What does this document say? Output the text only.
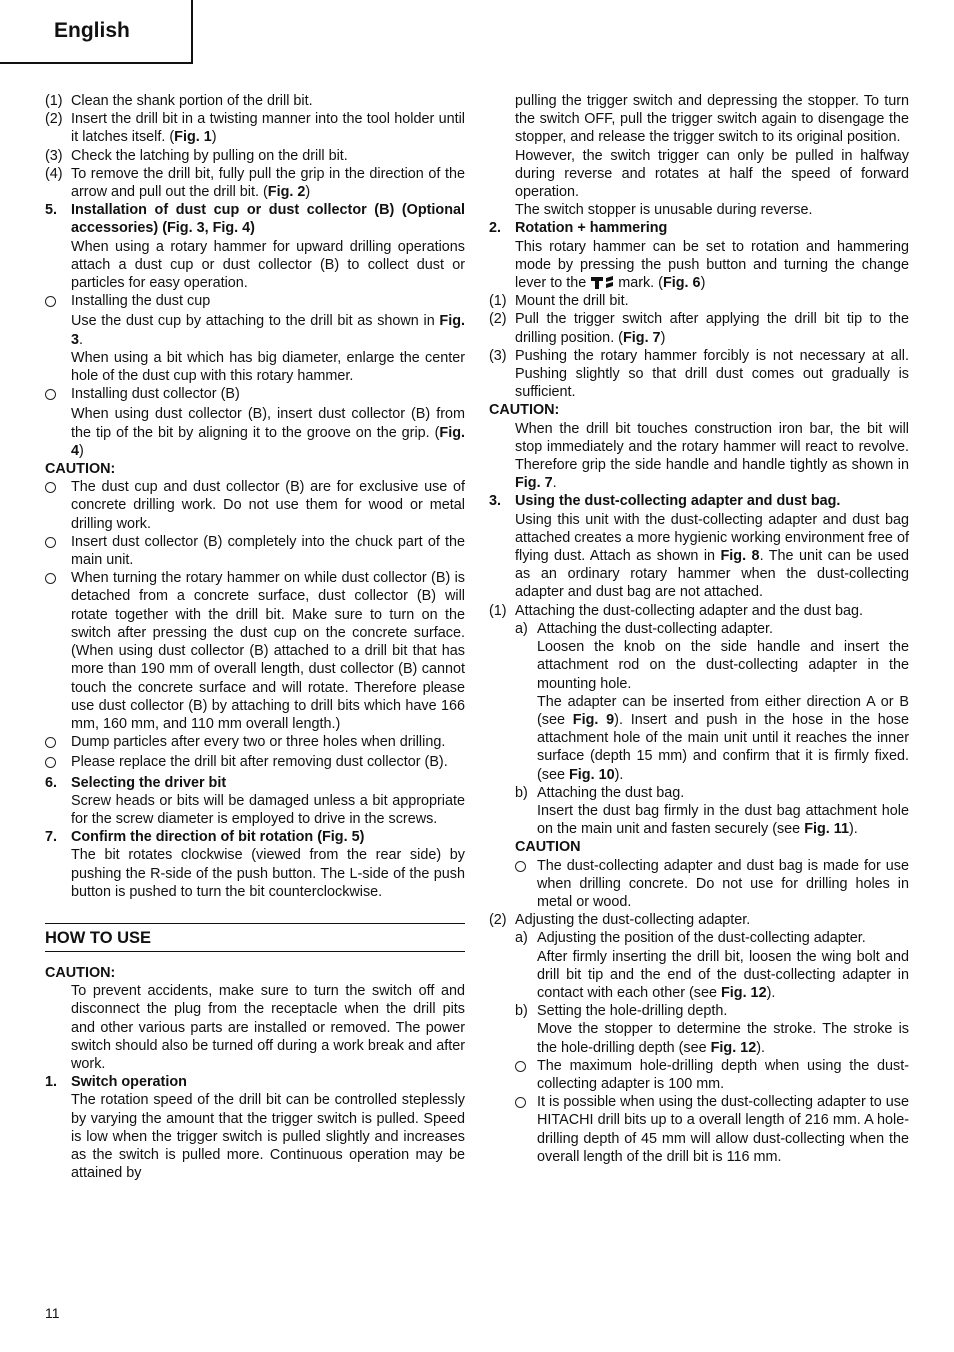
English
(1) Clean the shank portion of the drill bit.
(2) Insert the drill bit in a twisting manner into the tool holder until it latches itself. (Fig. 1)
(3) Check the latching by pulling on the drill bit.
(4) To remove the drill bit, fully pull the grip in the direction of the arrow and pull out the drill bit. (Fig. 2)
5. Installation of dust cup or dust collector (B) (Optional accessories) (Fig. 3, Fig. 4)
When using a rotary hammer for upward drilling operations attach a dust cup or dust collector (B) to collect dust or particles for easy operation.
Installing the dust cup
Use the dust cup by attaching to the drill bit as shown in Fig. 3.
When using a bit which has big diameter, enlarge the center hole of the dust cup with this rotary hammer.
Installing dust collector (B)
When using dust collector (B), insert dust collector (B) from the tip of the bit by aligning it to the groove on the grip. (Fig. 4)
CAUTION:
The dust cup and dust collector (B) are for exclusive use of concrete drilling work. Do not use them for wood or metal drilling work.
Insert dust collector (B) completely into the chuck part of the main unit.
When turning the rotary hammer on while dust collector (B) is detached from a concrete surface, dust collector (B) will rotate together with the drill bit. Make sure to turn on the switch after pressing the dust cup on the concrete surface. (When using dust collector (B) attached to a drill bit that has more than 190 mm of overall length, dust collector (B) cannot touch the concrete surface and will rotate. Therefore please use dust collector (B) by attaching to drill bits which have 166 mm, 160 mm, and 110 mm overall length.)
Dump particles after every two or three holes when drilling.
Please replace the drill bit after removing dust collector (B).
6. Selecting the driver bit
Screw heads or bits will be damaged unless a bit appropriate for the screw diameter is employed to drive in the screws.
7. Confirm the direction of bit rotation (Fig. 5)
The bit rotates clockwise (viewed from the rear side) by pushing the R-side of the push button. The L-side of the push button is pushed to turn the bit counterclockwise.
HOW TO USE
CAUTION:
To prevent accidents, make sure to turn the switch off and disconnect the plug from the receptacle when the drill pits and other various parts are installed or removed. The power switch should also be turned off during a work break and after work.
1. Switch operation
The rotation speed of the drill bit can be controlled steplessly by varying the amount that the trigger switch is pulled. Speed is low when the trigger switch is pulled slightly and increases as the switch is pulled more. Continuous operation may be attained by
pulling the trigger switch and depressing the stopper. To turn the switch OFF, pull the trigger switch again to disengage the stopper, and release the trigger switch to its original position.
However, the switch trigger can only be pulled in halfway during reverse and rotates at half the speed of forward operation.
The switch stopper is unusable during reverse.
2. Rotation + hammering
This rotary hammer can be set to rotation and hammering mode by pressing the push button and turning the change lever to the  mark. (Fig. 6)
(1) Mount the drill bit.
(2) Pull the trigger switch after applying the drill bit tip to the drilling position. (Fig. 7)
(3) Pushing the rotary hammer forcibly is not necessary at all. Pushing slightly so that drill dust comes out gradually is sufficient.
CAUTION:
When the drill bit touches construction iron bar, the bit will stop immediately and the rotary hammer will react to revolve. Therefore grip the side handle and handle tightly as shown in Fig. 7.
3. Using the dust-collecting adapter and dust bag.
Using this unit with the dust-collecting adapter and dust bag attached creates a more hygienic working environment free of flying dust. Attach as shown in Fig. 8. The unit can be used as an ordinary rotary hammer when the dust-collecting adapter and dust bag are not attached.
(1) Attaching the dust-collecting adapter and the dust bag.
a) Attaching the dust-collecting adapter.
Loosen the knob on the side handle and insert the attachment rod on the dust-collecting adapter in the mounting hole.
The adapter can be inserted from either direction A or B (see Fig. 9). Insert and push in the hose in the hose attachment hole of the main unit until it reaches the inner surface (depth 15 mm) and confirm that it is firmly fixed. (see Fig. 10).
b) Attaching the dust bag.
Insert the dust bag firmly in the dust bag attachment hole on the main unit and fasten securely (see Fig. 11).
CAUTION
The dust-collecting adapter and dust bag is made for use when drilling concrete. Do not use for drilling holes in metal or wood.
(2) Adjusting the dust-collecting adapter.
a) Adjusting the position of the dust-collecting adapter.
After firmly inserting the drill bit, loosen the wing bolt and drill bit tip and the end of the dust-collecting adapter in contact with each other (see Fig. 12).
b) Setting the hole-drilling depth.
Move the stopper to determine the stroke. The stroke is the hole-drilling depth (see Fig. 12).
The maximum hole-drilling depth when using the dust-collecting adapter is 100 mm.
It is possible when using the dust-collecting adapter to use HITACHI drill bits up to a overall length of 216 mm. A hole-drilling depth of 45 mm will allow dust-collecting when the overall length of the drill bit is 116 mm.
11
